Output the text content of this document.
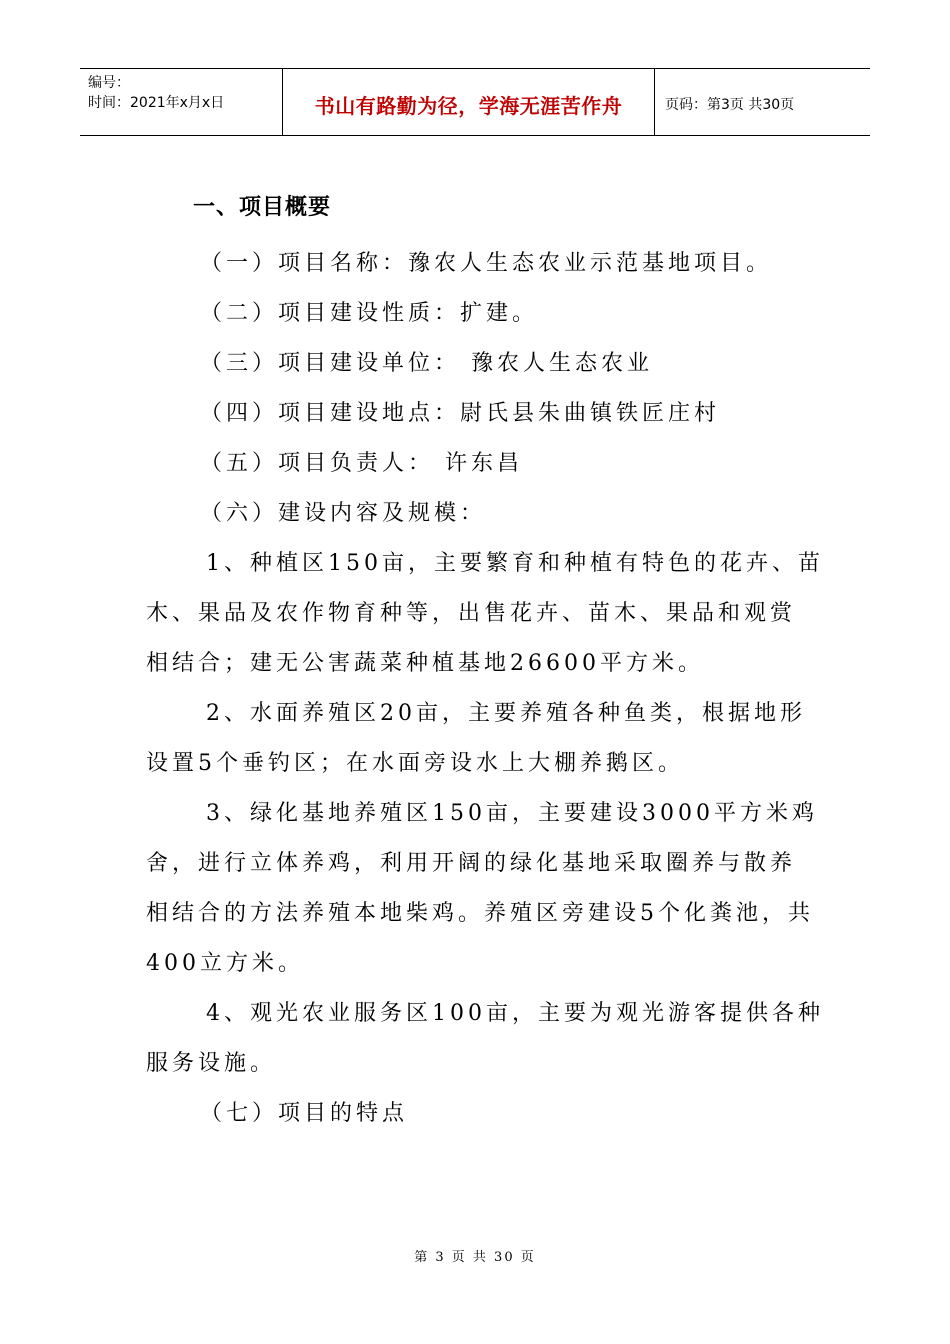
编号：
时间：2021年x月x日	书山有路勤为径，学海无涯苦作舟	页码：第3页 共30页
一、项目概要
（一）项目名称：豫农人生态农业示范基地项目。
（二）项目建设性质：扩建。
（三）项目建设单位： 豫农人生态农业
（四）项目建设地点：尉氏县朱曲镇铁匠庄村
（五）项目负责人： 许东昌
（六）建设内容及规模：
1、种植区150亩，主要繁育和种植有特色的花卉、苗
木、果品及农作物育种等，出售花卉、苗木、果品和观赏
相结合；建无公害蔬菜种植基地26600平方米。
2、水面养殖区20亩，主要养殖各种鱼类，根据地形
设置5个垂钓区；在水面旁设水上大棚养鹅区。
3、绿化基地养殖区150亩，主要建设3000平方米鸡
舍，进行立体养鸡，利用开阔的绿化基地采取圈养与散养
相结合的方法养殖本地柴鸡。养殖区旁建设5个化粪池，共
400立方米。
4、观光农业服务区100亩，主要为观光游客提供各种
服务设施。
（七）项目的特点
第 3 页 共 30 页
